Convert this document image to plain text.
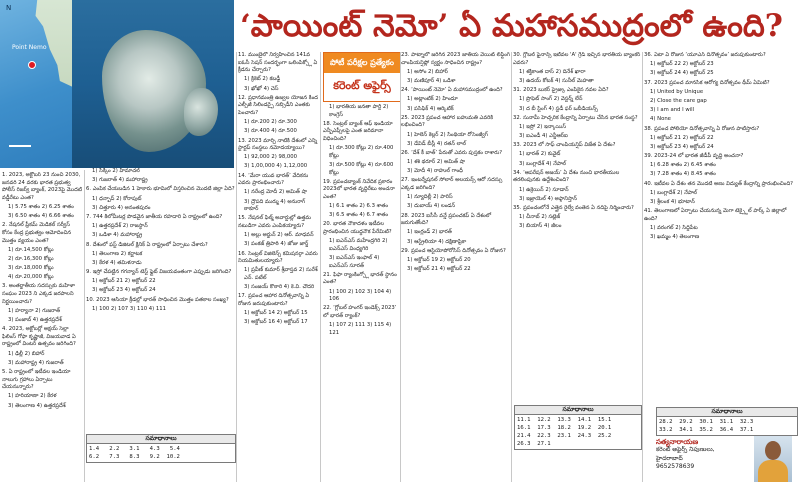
N
Point Nemo
‘పాయింట్ నెమో’ ఏ మహాసముద్రంలో ఉంది?
పోటీ పరీక్షల ప్రత్యేకం
కరెంట్ అఫైర్స్

1. 2023, అక్టోబర్ 23 నుంచి 2030, జనవరి 24 వరకు భారత ప్రభుత్వ పోలీస్ రిజర్వ్ బ్యాంక్, 2023పై మొదటి వడ్డీరేటు ఎంత?

1) 5.75 శాతం 2) 6.25 శాతం

3) 6.50 శాతం 4) 6.66 శాతం

2. నేషనల్ ఫ్రీకమ్ మెడికల్ సర్వీస్ కోసం కేంద్ర ప్రభుత్వం ఆమోదించిన మొత్తం వ్యయం ఎంత?

1) రూ.14,500 కోట్లు

2) రూ.16,300 కోట్లు

3) రూ.18,000 కోట్లు

4) రూ.20,000 కోట్లు

3. అంతర్జాతీయ సదస్సుకు మహిళా సంఘం 2023 ని ఎక్కడ జరపాలని నిర్ణయించారు?

1) హర్యానా 2) గుజరాత్

3) పంజాబ్ 4) ఉత్తరప్రదేశ్

4. 2023, అక్టోబర్లో అక్షయ్ సెల్లా ఫిలింస్ గోఫా కృష్ణాజీ, విజయవాడ ఏ రాష్ట్రంలో వింటర్ ఉత్సవం జరిగింది?

1) ఢిల్లీ 2) బిహార్

3) మహారాష్ట్ర 4) గుజరాత్

5. ఏ రాష్ట్రంలో ఇటీవల ఇండియా నాలుగు గ్రహాలు ఏర్పాటు చేయనున్నారు?

1) హరియాణా 2) కేరళ

3) తెలంగాణ 4) ఉత్తరప్రదేశ్

1) సిక్కిం 2) హిమాచల్

3) గుజరాత్ 4) మహారాష్ట్ర

6. ఎంపిక చేయబడిన 1 హెకారు భూమిలో విస్తరించిన మొదటి జిల్లా ఏది?

1) ధన్బాద్ 2) కోరాపుట్

3) చిత్తూరు 4) అనంతపురం

7. 744 కిలోమీటర్ల పొడవైన జాతీయ రహదారి ఏ రాష్ట్రంలో ఉంది?

1) ఉత్తరప్రదేశ్ 2) రాజస్థాన్

3) ఒడిశా 4) మహారాష్ట్ర

8. దేశంలో ఫస్ట్ డిజిటల్ క్లినిక్ ఏ రాష్ట్రంలో ఏర్పాటు చేశారు?

1) తెలంగాణ 2) కర్ణాటక

3) కేరళ 4) తమిళనాడు

9. ఇస్రో చేపట్టిన గగన్యాన్ టెస్ట్ ఫ్లైట్ విజయవంతంగా ఎప్పుడు జరిగింది?

1) అక్టోబర్ 21 2) అక్టోబర్ 22

3) అక్టోబర్ 23 4) అక్టోబర్ 24

10. 2023 ఆసియా క్రీడల్లో భారత్ సాధించిన మొత్తం పతకాల సంఖ్య?

1) 100 2) 107 3) 110 4) 111

11. ముంబైలో నిర్వహించిన 141వ ఐఓసీ సెషన్ సందర్భంగా ఒలింపిక్స్లో ఏ క్రీడను చేర్చారు?

1) క్రికెట్ 2) కబడ్డీ

3) ఖోఖో 4) చెస్

12. ప్రధానమంత్రి ఉజ్వల యోజన కింద ఎల్పీజీ సిలిండర్పై సబ్సిడీని ఎంతకు పెంచారు?

1) రూ.200 2) రూ.300

3) రూ.400 4) రూ.500

13. 2023 మార్చి నాటికి దేశంలో ఎన్ని స్టార్టప్ సంస్థలు నమోదయ్యాయి?

1) 92,000 2) 98,000

3) 1,00,000 4) 1,12,000

14. ‘మేరా యువ భారత్’ వేదికను ఎవరు ప్రారంభించారు?

1) నరేంద్ర మోదీ 2) అమిత్ షా

3) ద్రౌపది ముర్ము 4) అనురాగ్ ఠాకూర్

15. నేషనల్ ఫిల్మ్ అవార్డుల్లో ఉత్తమ నటుడిగా ఎవరు ఎంపికయ్యారు?

1) అల్లు అర్జున్ 2) ఆర్. మాధవన్

3) పంకజ్ త్రిపాఠి 4) జోజు జార్జ్

16. సెంట్రల్ విజిలెన్స్ కమిషనర్గా ఎవరు నియమితులయ్యారు?

1) ప్రవీణ్ కుమార్ శ్రీవాస్తవ 2) సురేశ్ ఎన్. పటేల్

3) సంజయ్ కొఠారి 4) కె.వి. చౌదరి

17. ప్రపంచ ఆహార దినోత్సవాన్ని ఏ రోజున జరుపుకుంటారు?

1) అక్టోబర్ 14 2) అక్టోబర్ 15

3) అక్టోబర్ 16 4) అక్టోబర్ 17

1) భారతీయ జనతా పార్టీ 2) కాంగ్రెస్

18. సెంట్రల్ బ్యాంక్ ఆఫ్ ఇండియా ఎన్బీఎఫ్సీలపై ఎంత జరిమానా విధించింది?

1) రూ.300 కోట్లు 2) రూ.400 కోట్లు

3) రూ.500 కోట్లు 4) రూ.600 కోట్లు

19. ప్రపంచబ్యాంక్ నివేదిక ప్రకారం 2023లో భారత వృద్ధిరేటు అంచనా ఎంత?

1) 6.1 శాతం 2) 6.3 శాతం

3) 6.5 శాతం 4) 6.7 శాతం

20. భారత నౌకాదళం ఇటీవల ప్రారంభించిన యుద్ధనౌక పేరేమిటి?

1) ఐఎన్ఎస్ మహేంద్రగిరి 2) ఐఎన్ఎస్ వింధ్యగిరి

3) ఐఎన్ఎస్ ఇంఫాల్ 4) ఐఎన్ఎస్ సూరత్

21. ఫిఫా ర్యాంకింగ్స్లో భారత్ స్థానం ఎంత?

1) 100 2) 102 3) 104 4) 106

22. ‘గ్లోబల్ హంగర్ ఇండెక్స్ 2023’ లో భారత్ ర్యాంక్?

1) 107 2) 111 3) 115 4) 121

23. పాట్నాలో జరిగిన 2023 జాతీయ వెయిట్ లిఫ్టింగ్ చాంపియన్షిప్లో స్వర్ణం సాధించిన రాష్ట్రం?

1) అసోం 2) బిహార్

3) మణిపూర్ 4) ఒడిశా

24. ‘పాయింట్ నెమో’ ఏ మహాసముద్రంలో ఉంది?

1) అట్లాంటిక్ 2) హిందూ

3) పసిఫిక్ 4) ఆర్కిటిక్

25. 2023 ప్రపంచ ఆహార బహుమతి ఎవరికి లభించింది?

1) హెలెన్ కెల్లర్ 2) సింథియా రోసెంజ్వీగ్

3) డేవిడ్ బీస్లీ 4) రతన్ లాల్

26. ‘దేశ్ కీ బాత్’ పేరుతో ఎవరు పుస్తకం రాశారు?

1) శశి థరూర్ 2) అమిత్ షా

3) మోదీ 4) రాహుల్ గాంధీ

27. ఇంటర్నేషనల్ సోలార్ అలయన్స్ ఆరో సదస్సు ఎక్కడ జరిగింది?

1) న్యూదిల్లీ 2) పారిస్

3) దుబాయ్ 4) లండన్

28. 2023 ఐసీసీ వన్డే ప్రపంచకప్ ఏ దేశంలో జరుగుతోంది?

1) ఇంగ్లండ్ 2) భారత్

3) ఆస్ట్రేలియా 4) దక్షిణాఫ్రికా

29. ప్రపంచ ఆస్టియోపోరోసిస్ దినోత్సవం ఏ రోజున?

1) అక్టోబర్ 19 2) అక్టోబర్ 20

3) అక్టోబర్ 21 4) అక్టోబర్ 22

30. గ్లోబల్ ఫైనాన్స్ ఇటీవల 'A' గ్రేడ్ ఇచ్చిన భారతీయ బ్యాంకర్ ఎవరు?

1) శక్తికాంత దాస్ 2) దినేశ్ ఖారా

3) ఉదయ్ కోటక్ 4) సునీల్ మెహతా

31. 2023 బుకర్ ప్రైజ్కు ఎంపికైన నవల ఏది?

1) ప్రొఫెట్ సాంగ్ 2) వెస్టర్న్ లేన్

3) ద బీ స్టింగ్ 4) స్టడీ ఫర్ ఒబీడియన్స్

32. సునామీ హెచ్చరిక కేంద్రాన్ని ఏర్పాటు చేసిన భారత సంస్థ?

1) ఇస్రో 2) ఇన్కాయిస్

3) ఐఎండీ 4) ఎన్జీఆర్ఐ

33. 2023 లో సాఫ్ చాంపియన్షిప్ విజేత ఏ దేశం?

1) భారత్ 2) కువైట్

3) బంగ్లాదేశ్ 4) నేపాల్

34. ‘ఆపరేషన్ అజయ్’ ఏ దేశం నుంచి భారతీయుల తరలింపునకు ఉద్దేశించింది?

1) ఉక్రెయిన్ 2) సూడాన్

3) ఇజ్రాయెల్ 4) అఫ్గానిస్తాన్

35. ప్రపంచంలోనే ఎత్తైన రైల్వే వంతెన ఏ నదిపై నిర్మించారు?

1) చీనాబ్ 2) సట్లెజ్

3) బియాస్ 4) జీలం

36. ఏటా ఏ రోజున ‘యూఎన్ దినోత్సవం’ జరుపుకుంటారు?

1) అక్టోబర్ 22 2) అక్టోబర్ 23

3) అక్టోబర్ 24 4) అక్టోబర్ 25

37. 2023 ప్రపంచ మానసిక ఆరోగ్య దినోత్సవం థీమ్ ఏమిటి?

1) United by Unique

2) Close the care gap

3) I am and I will

4) None

38. ప్రపంచ పోలియో దినోత్సవాన్ని ఏ రోజున పాటిస్తారు?

1) అక్టోబర్ 21 2) అక్టోబర్ 22

3) అక్టోబర్ 23 4) అక్టోబర్ 24

39. 2023-24 లో భారత జీడీపీ వృద్ధి అంచనా?

1) 6.28 శాతం 2) 6.45 శాతం

3) 7.28 శాతం 4) 8.45 శాతం

40. ఇటీవల ఏ దేశం తన మొదటి అణు విద్యుత్ కేంద్రాన్ని ప్రారంభించింది?

1) బంగ్లాదేశ్ 2) నేపాల్

3) శ్రీలంక 4) భూటాన్

41. తెలంగాణలో ఏర్పాటు చేయనున్న మెగా టెక్స్టైల్ పార్క్ ఏ జిల్లాలో ఉంది?

1) వరంగల్ 2) సిద్దిపేట

3) ఖమ్మం 4) తెలంగాణ

సమాధానాలు
1.4   2.2   3.1   4.3   5.4
6.2   7.3   8.3   9.2  10.2
సమాధానాలు
11.1  12.2  13.3  14.1  15.1
16.1  17.3  18.2  19.2  20.1
21.4  22.3  23.1  24.3  25.2
26.3  27.1
సమాధానాలు
28.2  29.2  30.1  31.1  32.3
33.2  34.1  35.2  36.4  37.1
సత్యనారాయణ
కరెంట్ అఫైర్స్ నిపుణులు,
హైదరాబాద్
9652578639
